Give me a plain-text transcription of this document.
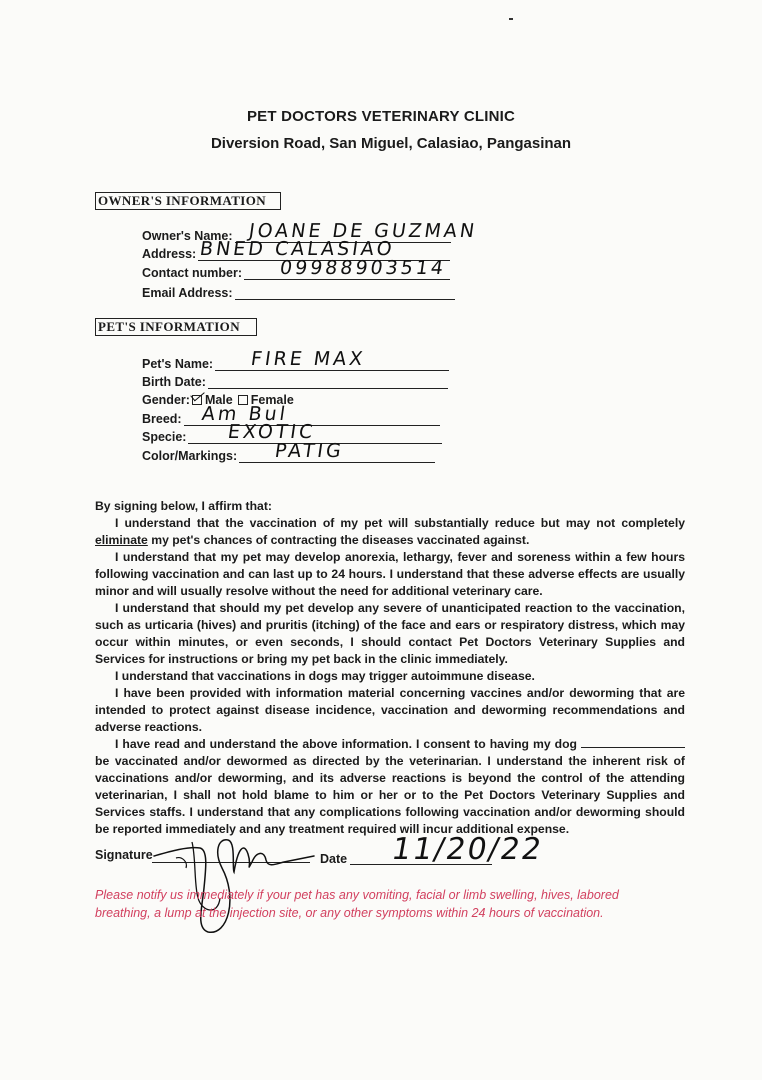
PET DOCTORS VETERINARY CLINIC
Diversion Road, San Miguel, Calasiao, Pangasinan
OWNER'S INFORMATION
Owner's Name: JOANE DE GUZMAN
Address: BNED CALASIAO
Contact number: 09988903514
Email Address:
PET'S INFORMATION
Pet's Name: FIRE MAX
Birth Date:
Gender: Male Female
Breed: Am Bul
Specie: EXOTIC
Color/Markings: PATIG

By signing below, I affirm that:

I understand that the vaccination of my pet will substantially reduce but may not completely eliminate my pet's chances of contracting the diseases vaccinated against.

I understand that my pet may develop anorexia, lethargy, fever and soreness within a few hours following vaccination and can last up to 24 hours. I understand that these adverse effects are usually minor and will usually resolve without the need for additional veterinary care.

I understand that should my pet develop any severe of unanticipated reaction to the vaccination, such as urticaria (hives) and pruritis (itching) of the face and ears or respiratory distress, which may occur within minutes, or even seconds, I should contact Pet Doctors Veterinary Supplies and Services for instructions or bring my pet back in the clinic immediately.

I understand that vaccinations in dogs may trigger autoimmune disease.

I have been provided with information material concerning vaccines and/or deworming that are intended to protect against disease incidence, vaccination and deworming recommendations and adverse reactions.

I have read and understand the above information. I consent to having my dog  be vaccinated and/or dewormed as directed by the veterinarian. I understand the inherent risk of vaccinations and/or deworming, and its adverse reactions is beyond the control of the attending veterinarian, I shall not hold blame to him or her or to the Pet Doctors Veterinary Supplies and Services staffs. I understand that any complications following vaccination and/or deworming should be reported immediately and any treatment required will incur additional expense.

Signature	Date 11/20/22
Please notify us immediately if your pet has any vomiting, facial or limb swelling, hives, labored breathing, a lump at the injection site, or any other symptoms within 24 hours of vaccination.
